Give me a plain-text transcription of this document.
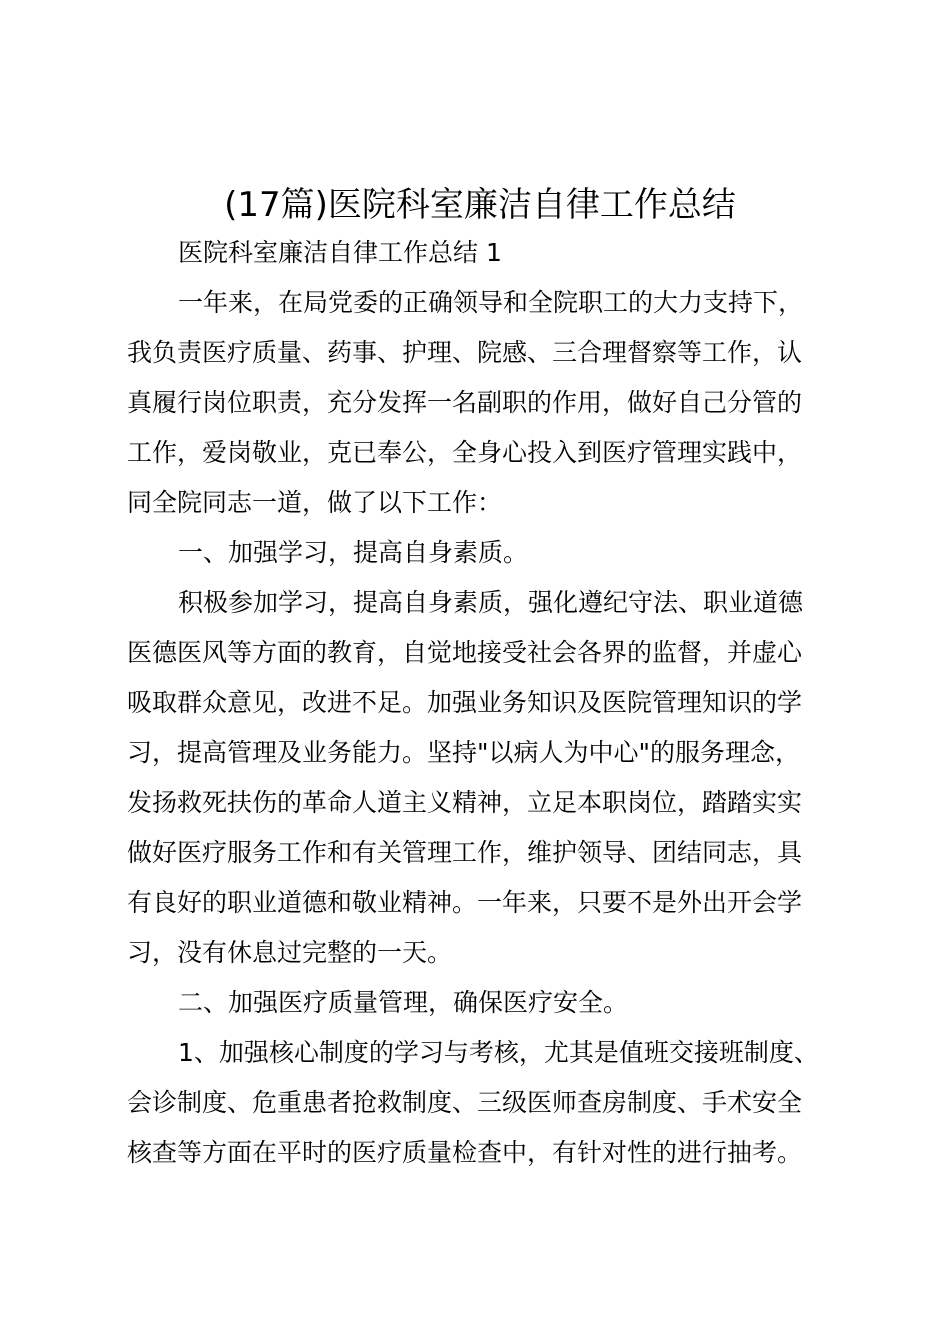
(17篇)医院科室廉洁自律工作总结
医院科室廉洁自律工作总结 1
一年来，在局党委的正确领导和全院职工的大力支持下，
我负责医疗质量、药事、护理、院感、三合理督察等工作，认
真履行岗位职责，充分发挥一名副职的作用，做好自己分管的
工作，爱岗敬业，克已奉公，全身心投入到医疗管理实践中，
同全院同志一道，做了以下工作：
一、加强学习，提高自身素质。
积极参加学习，提高自身素质，强化遵纪守法、职业道德
医德医风等方面的教育，自觉地接受社会各界的监督，并虚心
吸取群众意见，改进不足。加强业务知识及医院管理知识的学
习，提高管理及业务能力。坚持"以病人为中心"的服务理念，
发扬救死扶伤的革命人道主义精神，立足本职岗位，踏踏实实
做好医疗服务工作和有关管理工作，维护领导、团结同志，具
有良好的职业道德和敬业精神。一年来，只要不是外出开会学
习，没有休息过完整的一天。
二、加强医疗质量管理，确保医疗安全。
1、加强核心制度的学习与考核，尤其是值班交接班制度、
会诊制度、危重患者抢救制度、三级医师查房制度、手术安全
核查等方面在平时的医疗质量检查中，有针对性的进行抽考。
